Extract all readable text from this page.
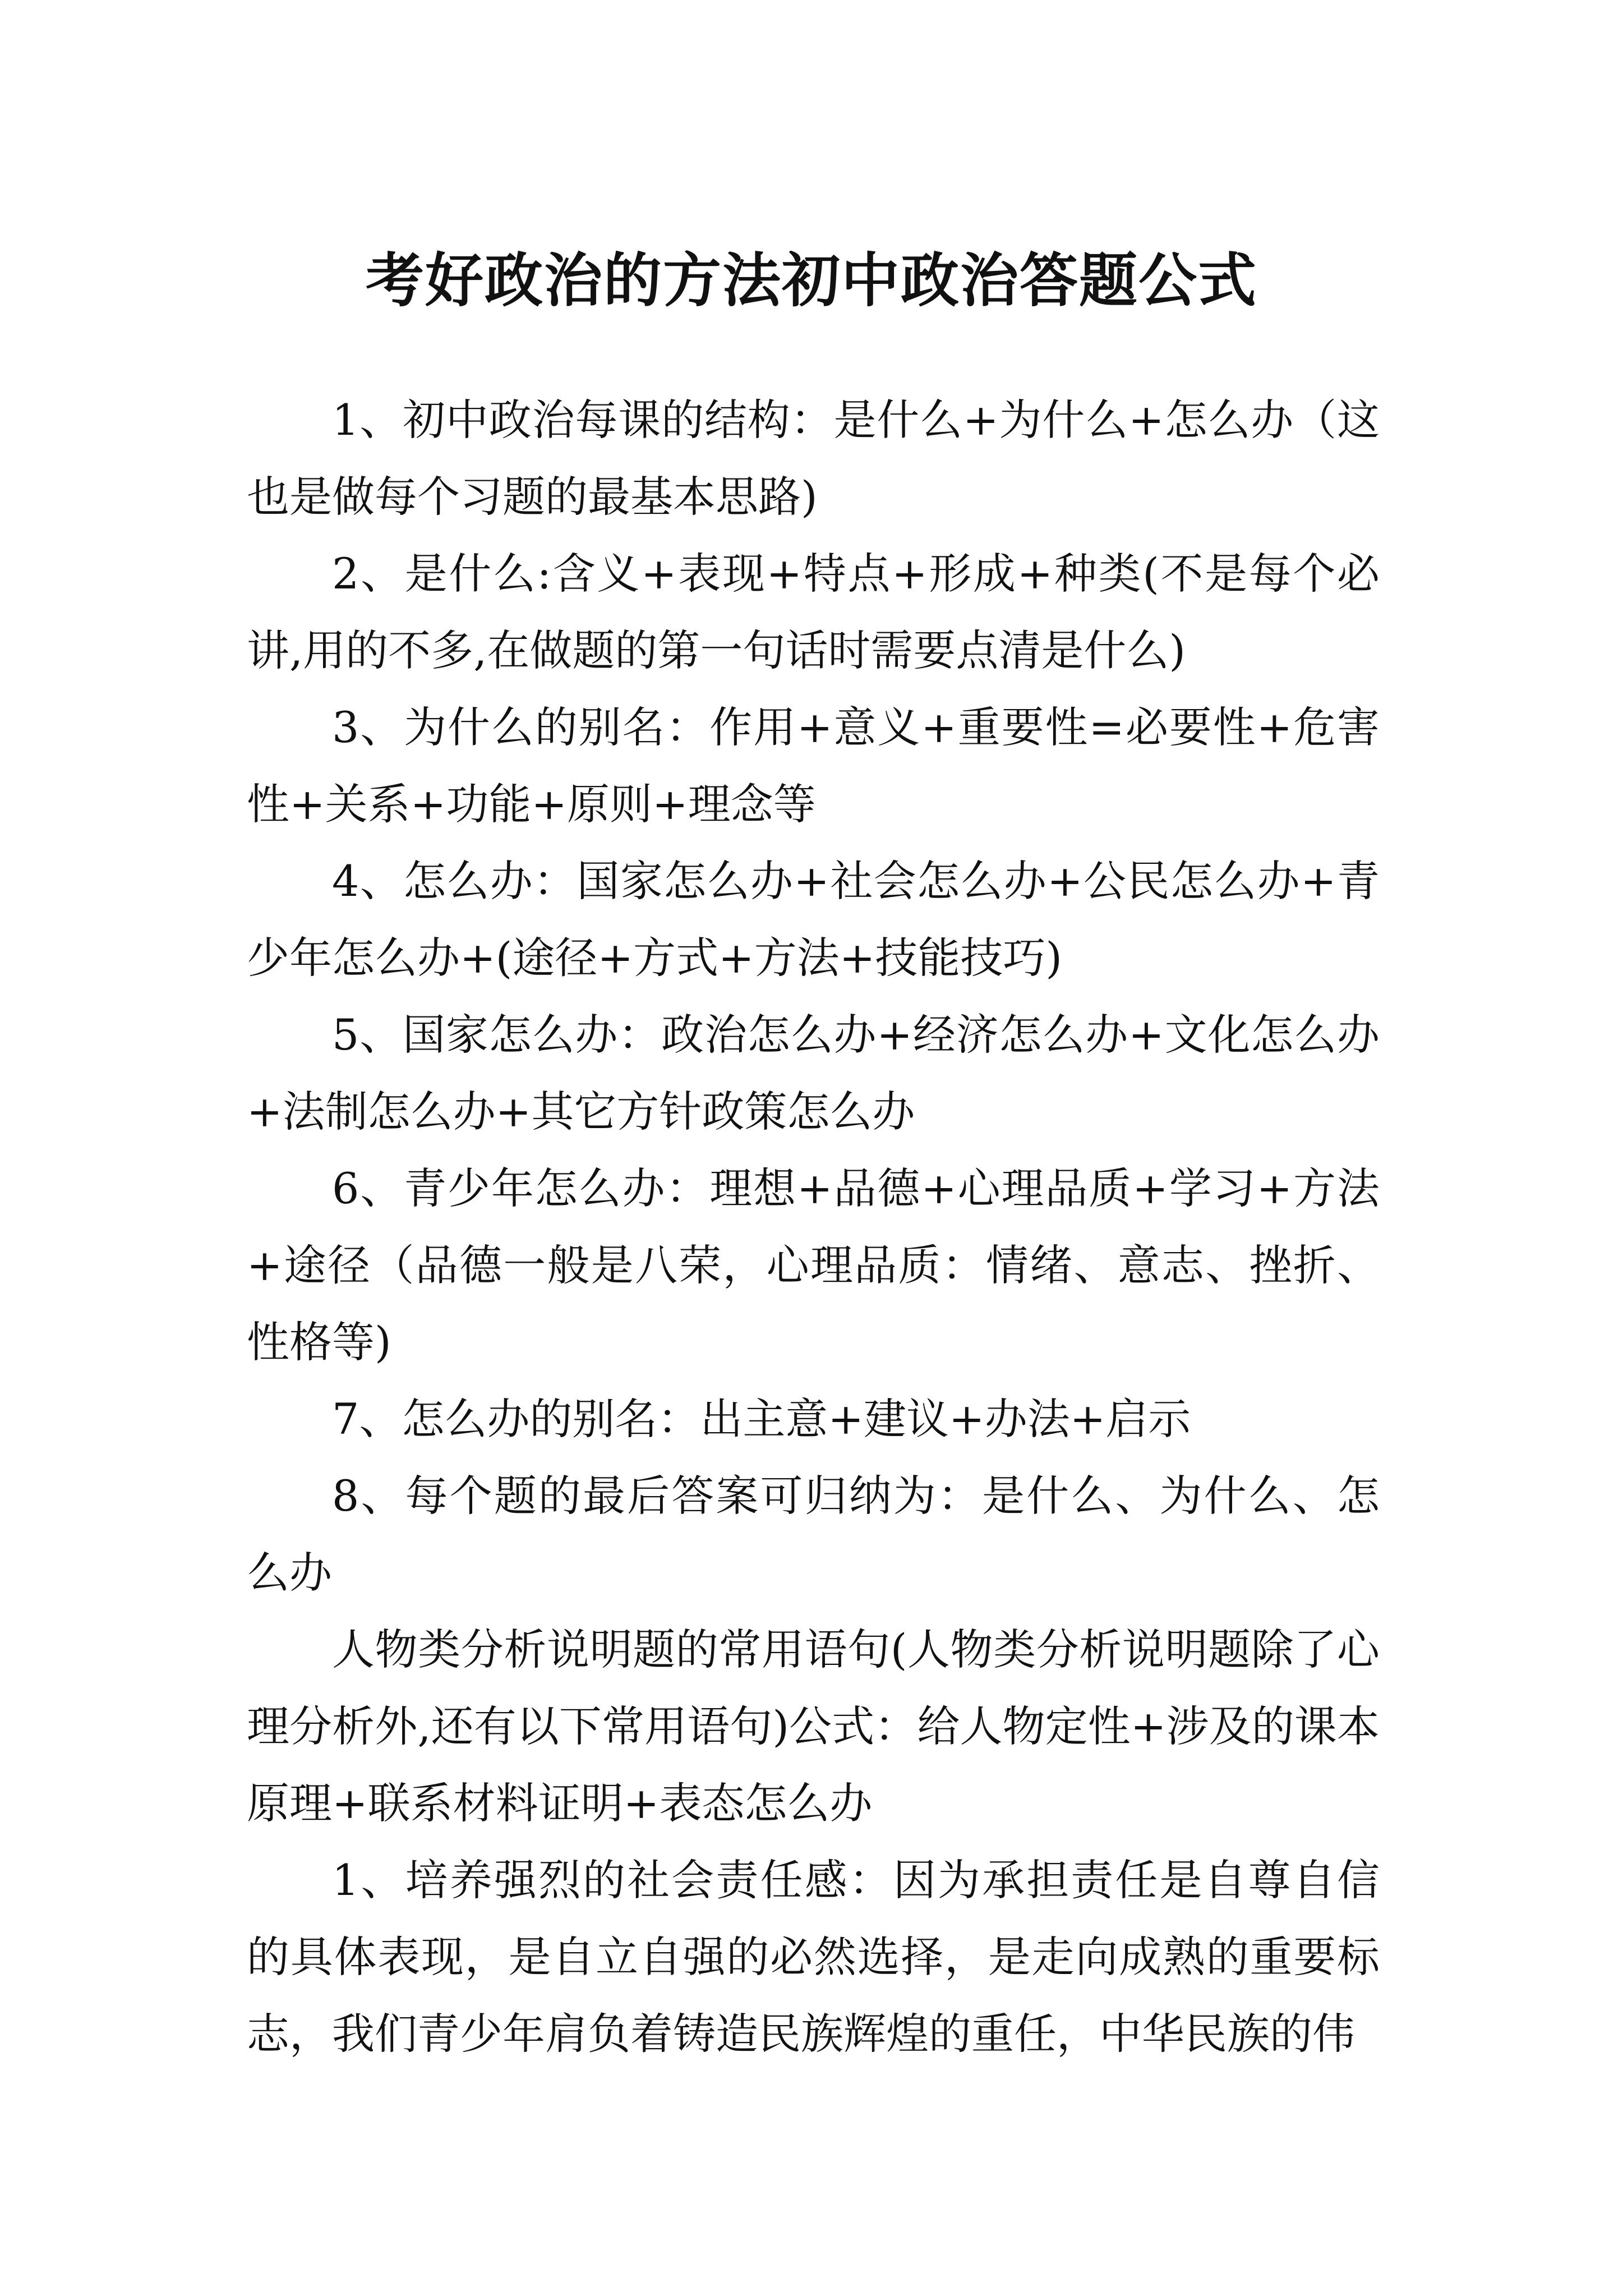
考好政治的方法初中政治答题公式

1、初中政治每课的结构：是什么+为什么+怎么办（这也是做每个习题的最基本思路)

2、是什么:含义+表现+特点+形成+种类(不是每个必讲,用的不多,在做题的第一句话时需要点清是什么)

3、为什么的别名：作用+意义+重要性=必要性+危害性+关系+功能+原则+理念等

4、怎么办：国家怎么办+社会怎么办+公民怎么办+青少年怎么办+(途径+方式+方法+技能技巧)

5、国家怎么办：政治怎么办+经济怎么办+文化怎么办+法制怎么办+其它方针政策怎么办

6、青少年怎么办：理想+品德+心理品质+学习+方法+途径（品德一般是八荣，心理品质：情绪、意志、挫折、性格等)

7、怎么办的别名：出主意+建议+办法+启示

8、每个题的最后答案可归纳为：是什么、为什么、怎么办

人物类分析说明题的常用语句(人物类分析说明题除了心理分析外,还有以下常用语句)公式：给人物定性+涉及的课本原理+联系材料证明+表态怎么办

1、培养强烈的社会责任感：因为承担责任是自尊自信的具体表现，是自立自强的必然选择，是走向成熟的重要标志，我们青少年肩负着铸造民族辉煌的重任，中华民族的伟
